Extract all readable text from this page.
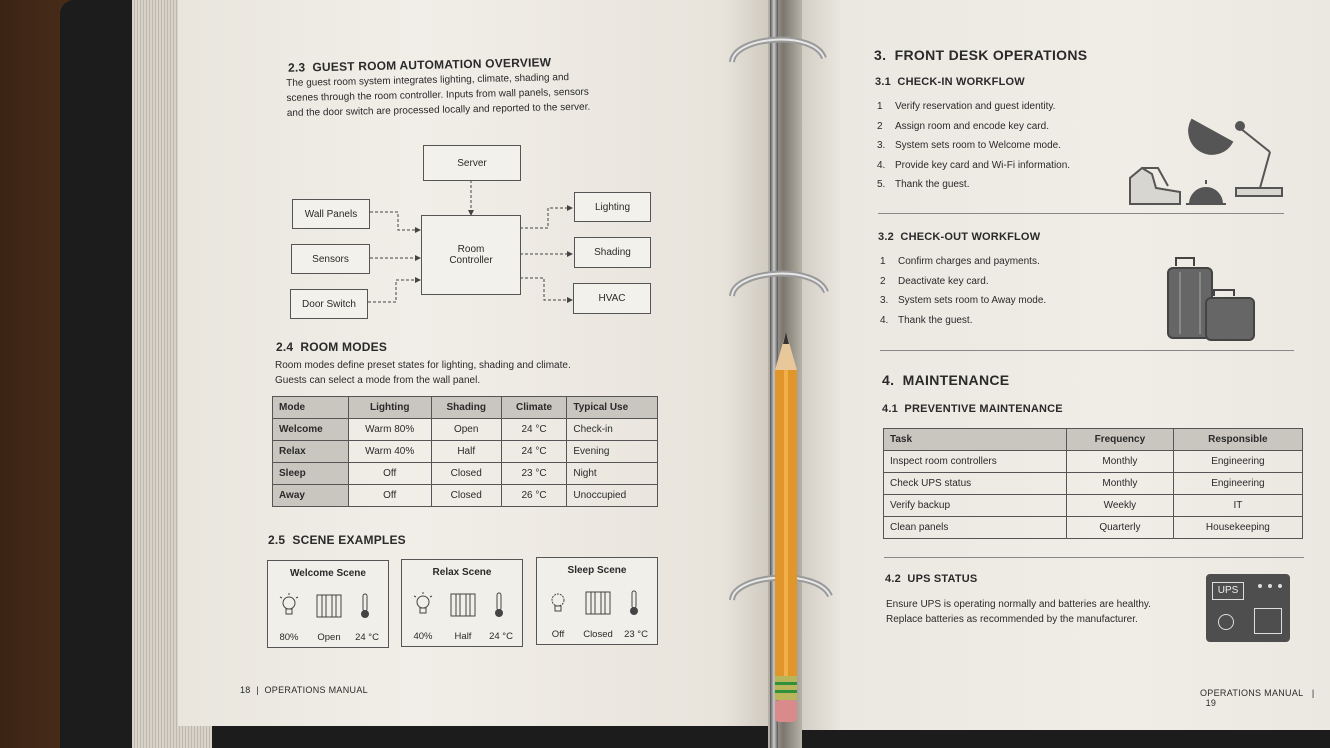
2.3 GUEST ROOM AUTOMATION OVERVIEW
The guest room system integrates lighting, climate, shading and
scenes through the room controller. Inputs from wall panels, sensors
and the door switch are processed locally and reported to the server.
Server
Room
Controller
Wall Panels
Sensors
Door Switch
Lighting
Shading
HVAC
2.4 ROOM MODES
Room modes define preset states for lighting, shading and climate.
Guests can select a mode from the wall panel.
Mode	Lighting	Shading	Climate	Typical Use
Welcome	Warm 80%	Open	24 °C	Check-in
Relax	Warm 40%	Half	24 °C	Evening
Sleep	Off	Closed	23 °C	Night
Away	Off	Closed	26 °C	Unoccupied
2.5 SCENE EXAMPLES
Welcome Scene
80%	Open	24 °C
Relax Scene
40%	Half	24 °C
Sleep Scene
Off	Closed	23 °C
18 | OPERATIONS MANUAL
3. FRONT DESK OPERATIONS
3.1 CHECK-IN WORKFLOW
1 Verify reservation and guest identity.
2 Assign room and encode key card.
3. System sets room to Welcome mode.
4. Provide key card and Wi-Fi information.
5. Thank the guest.
3.2 CHECK-OUT WORKFLOW
1 Confirm charges and payments.
2 Deactivate key card.
3. System sets room to Away mode.
4. Thank the guest.
4. MAINTENANCE
4.1 PREVENTIVE MAINTENANCE
Task	Frequency	Responsible
Inspect room controllers	Monthly	Engineering
Check UPS status	Monthly	Engineering
Verify backup	Weekly	IT
Clean panels	Quarterly	Housekeeping
4.2 UPS STATUS
Ensure UPS is operating normally and batteries are healthy.
Replace batteries as recommended by the manufacturer.
UPS
OPERATIONS MANUAL |  19
